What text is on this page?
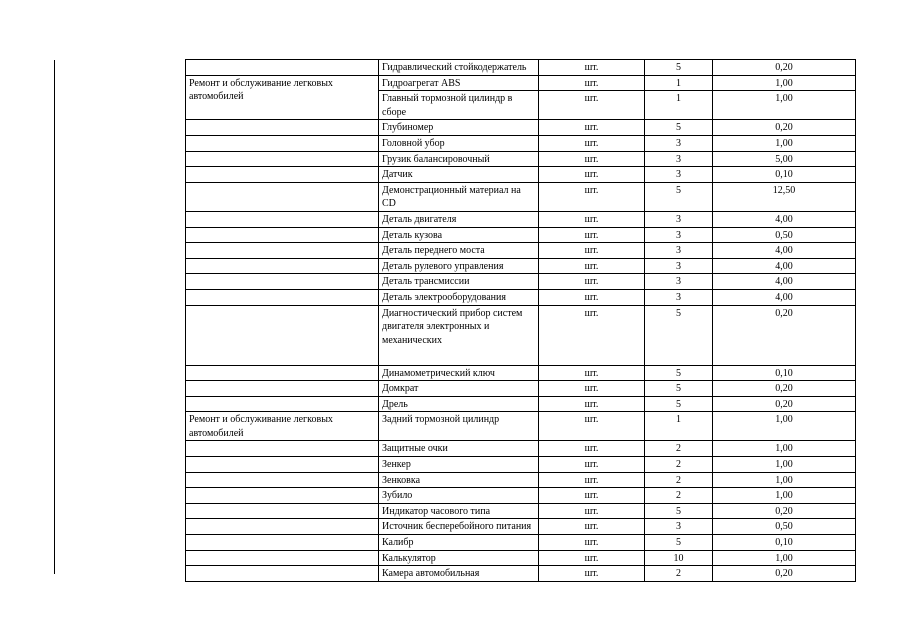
	Гидравлический стойкодержатель	шт.	5	0,20
Ремонт и обслуживание легковых автомобилей	Гидроагрегат ABS	шт.	1	1,00
	Главный тормозной цилиндр в сборе	шт.	1	1,00
	Глубиномер	шт.	5	0,20
	Головной убор	шт.	3	1,00
	Грузик балансировочный	шт.	3	5,00
	Датчик	шт.	3	0,10
	Демонстрационный материал на CD	шт.	5	12,50
	Деталь двигателя	шт.	3	4,00
	Деталь кузова	шт.	3	0,50
	Деталь переднего моста	шт.	3	4,00
	Деталь рулевого управления	шт.	3	4,00
	Деталь трансмиссии	шт.	3	4,00
	Деталь электрооборудования	шт.	3	4,00
	Диагностический прибор систем двигателя электронных и механических	шт.	5	0,20
	Динамометрический ключ	шт.	5	0,10
	Домкрат	шт.	5	0,20
	Дрель	шт.	5	0,20
Ремонт и обслуживание легковых автомобилей	Задний тормозной цилиндр	шт.	1	1,00
	Защитные очки	шт.	2	1,00
	Зенкер	шт.	2	1,00
	Зенковка	шт.	2	1,00
	Зубило	шт.	2	1,00
	Индикатор часового типа	шт.	5	0,20
	Источник бесперебойного питания	шт.	3	0,50
	Калибр	шт.	5	0,10
	Калькулятор	шт.	10	1,00
	Камера автомобильная	шт.	2	0,20
